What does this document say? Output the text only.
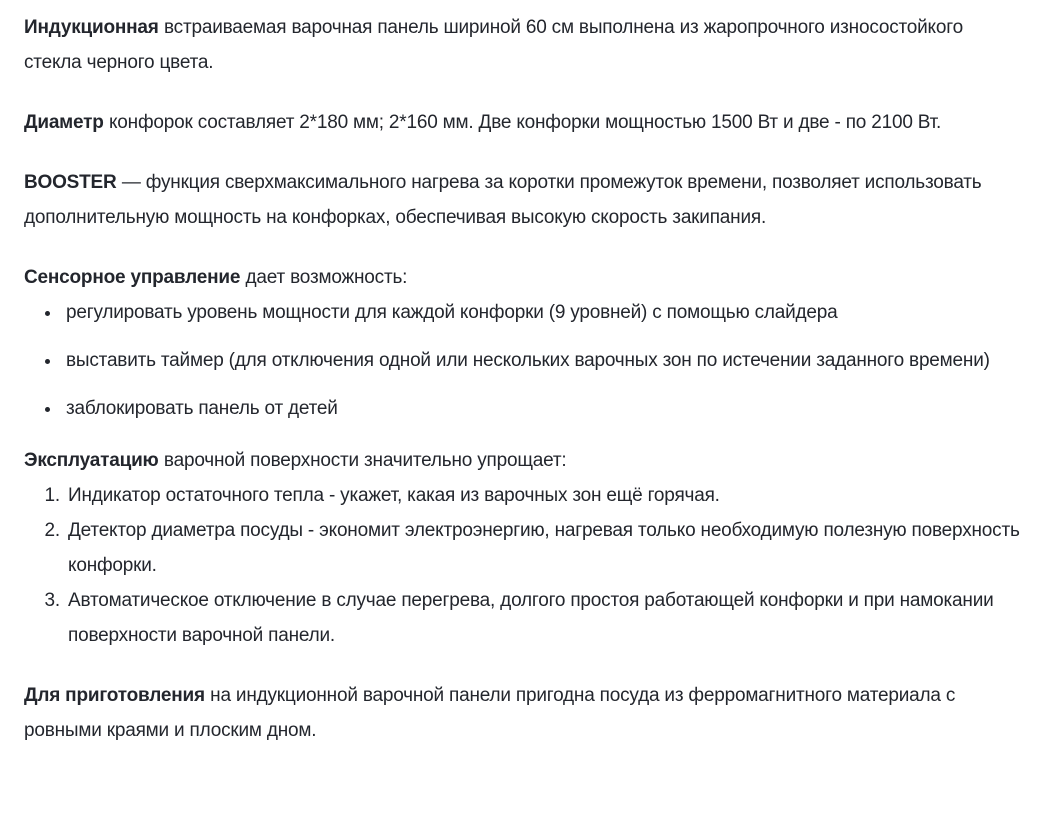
Индукционная встраиваемая варочная панель шириной 60 см выполнена из жаропрочного износостойкого стекла черного цвета.

Диаметр конфорок составляет 2*180 мм; 2*160 мм. Две конфорки мощностью 1500 Вт и две - по 2100 Вт.

BOOSTER — функция сверхмаксимального нагрева за коротки промежуток времени, позволяет использовать дополнительную мощность на конфорках, обеспечивая высокую скорость закипания.

Сенсорное управление дает возможность:

• регулировать уровень мощности для каждой конфорки (9 уровней) с помощью слайдера
• выставить таймер (для отключения одной или нескольких варочных зон по истечении заданного времени)
• заблокировать панель от детей

Эксплуатацию варочной поверхности значительно упрощает:

1. Индикатор остаточного тепла - укажет, какая из варочных зон ещё горячая.
2. Детектор диаметра посуды - экономит электроэнергию, нагревая только необходимую полезную поверхность конфорки.
3. Автоматическое отключение в случае перегрева, долгого простоя работающей конфорки и при намокании поверхности варочной панели.

Для приготовления на индукционной варочной панели пригодна посуда из ферромагнитного материала с ровными краями и плоским дном.
